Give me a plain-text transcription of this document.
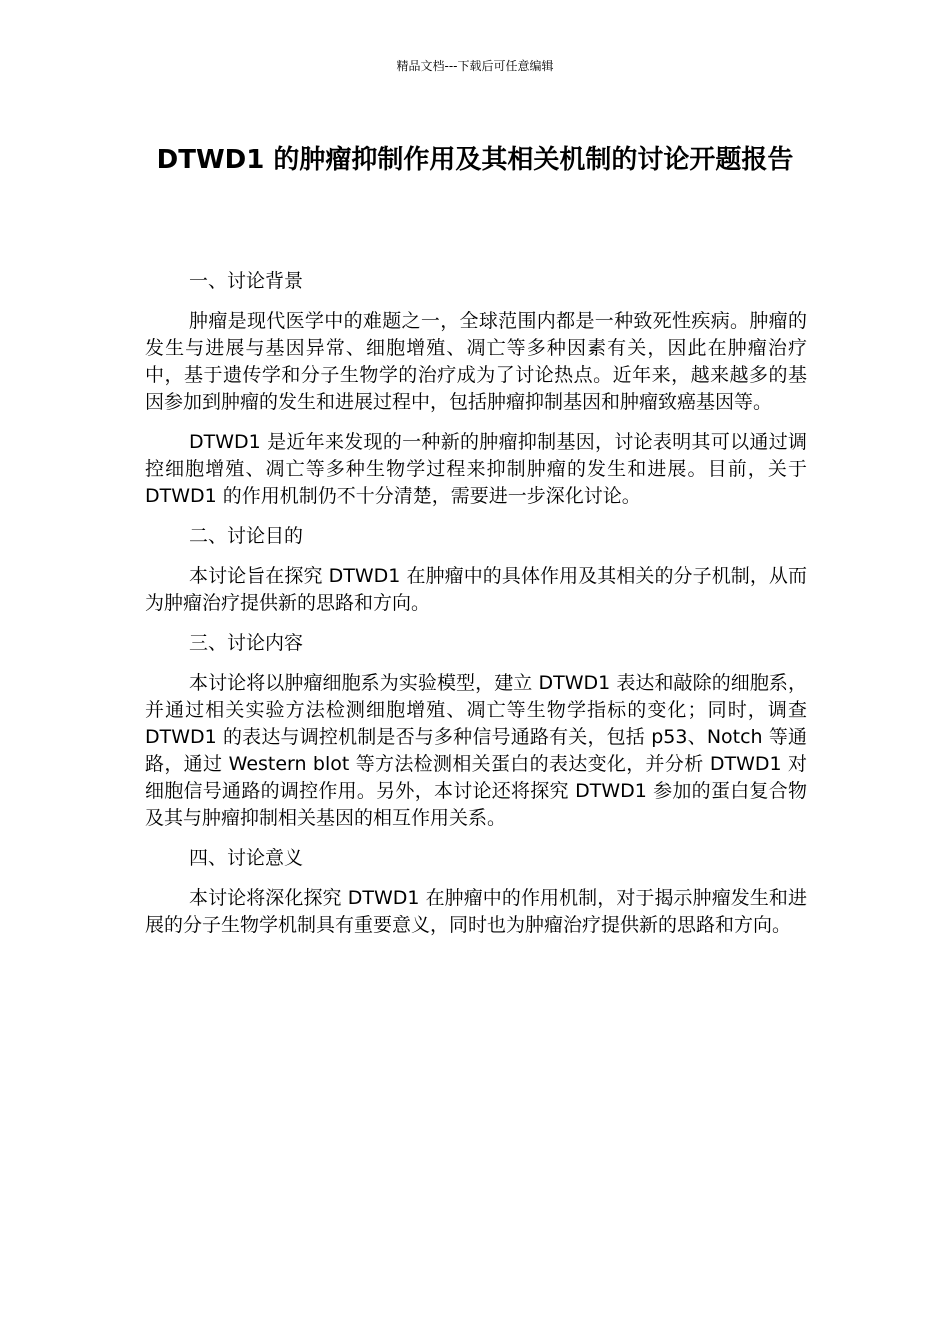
精品文档---下载后可任意编辑
DTWD1 的肿瘤抑制作用及其相关机制的讨论开题报告

一、讨论背景

肿瘤是现代医学中的难题之一，全球范围内都是一种致死性疾病。肿瘤的发生与进展与基因异常、细胞增殖、凋亡等多种因素有关，因此在肿瘤治疗中，基于遗传学和分子生物学的治疗成为了讨论热点。近年来，越来越多的基因参加到肿瘤的发生和进展过程中，包括肿瘤抑制基因和肿瘤致癌基因等。

DTWD1 是近年来发现的一种新的肿瘤抑制基因，讨论表明其可以通过调控细胞增殖、凋亡等多种生物学过程来抑制肿瘤的发生和进展。目前，关于 DTWD1 的作用机制仍不十分清楚，需要进一步深化讨论。

二、讨论目的

本讨论旨在探究 DTWD1 在肿瘤中的具体作用及其相关的分子机制，从而为肿瘤治疗提供新的思路和方向。

三、讨论内容

本讨论将以肿瘤细胞系为实验模型，建立 DTWD1 表达和敲除的细胞系，并通过相关实验方法检测细胞增殖、凋亡等生物学指标的变化；同时，调查 DTWD1 的表达与调控机制是否与多种信号通路有关，包括 p53、Notch 等通路，通过 Western blot 等方法检测相关蛋白的表达变化，并分析 DTWD1 对细胞信号通路的调控作用。另外，本讨论还将探究 DTWD1 参加的蛋白复合物及其与肿瘤抑制相关基因的相互作用关系。

四、讨论意义

本讨论将深化探究 DTWD1 在肿瘤中的作用机制，对于揭示肿瘤发生和进展的分子生物学机制具有重要意义，同时也为肿瘤治疗提供新的思路和方向。
